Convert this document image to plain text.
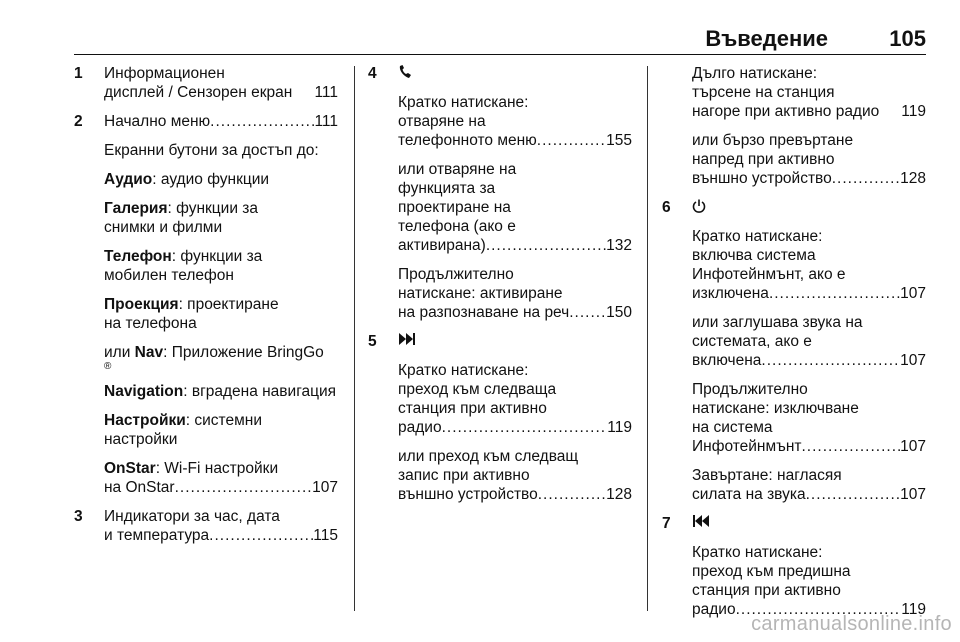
Въведение	105
1 Информационен
дисплей / Сензорен екран 111
2 Начално меню .....	111
Екранни бутони за достъп до:
Аудио: аудио функции
Галерия: функции за
снимки и филми
Телефон: функции за
мобилен телефон
Проекция: проектиране
на телефона
или Nav: Приложение BringGo
®
Navigation: вградена навигация
Настройки: системни
настройки
OnStar: Wi-Fi настройки
на OnStar .....	107
3 Индикатори за час, дата
и температура .....	115
4
Кратко натискане:
отваряне на
телефонното меню .....	155
или отваряне на
функцията за
проектиране на
телефона (ако е
активирана) .....	132
Продължително
натискане: активиране
на разпознаване на реч ..... 150
5
Кратко натискане:
преход към следваща
станция при активно
радио .....	119
или преход към следващ
запис при активно
външно устройство .....	128
Дълго натискане:
търсене на станция
нагоре при активно радио 119
или бързо превъртане
напред при активно
външно устройство .....	128
6
Кратко натискане:
включва система
Инфотейнмънт, ако е
изключена .....	107
или заглушава звука на
системата, ако е
включена .....	107
Продължително
натискане: изключване
на система
Инфотейнмънт .....	107
Завъртане: нагласяя
силата на звука .....	107
7
Кратко натискане:
преход към предишна
станция при активно
радио .....	119
carmanualsonline.info
